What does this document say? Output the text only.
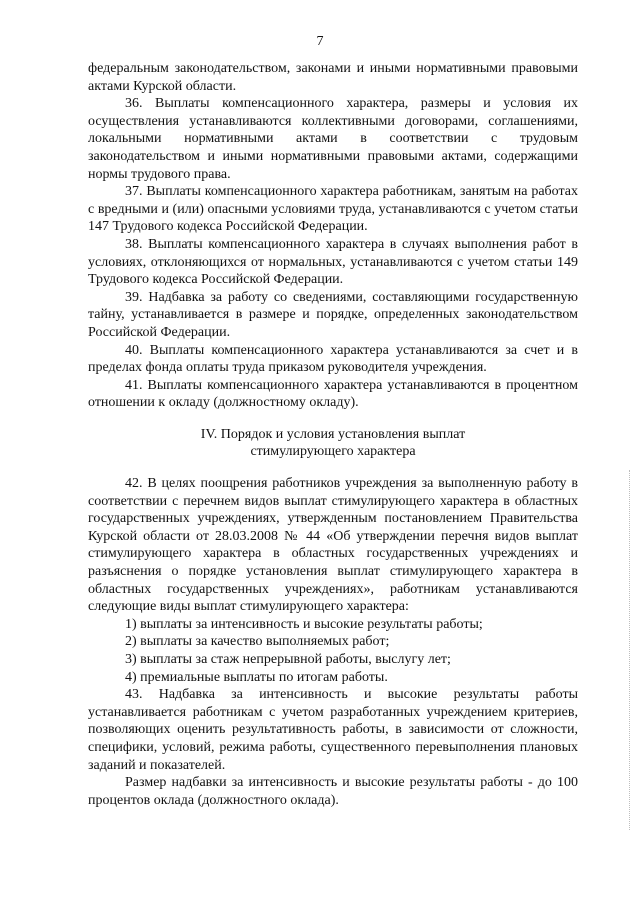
7

федеральным законодательством, законами и иными нормативными правовыми актами Курской области.

36. Выплаты компенсационного характера, размеры и условия их осуществления устанавливаются коллективными договорами, соглашениями, локальными нормативными актами в соответствии с трудовым законодательством и иными нормативными правовыми актами, содержащими нормы трудового права.

37. Выплаты компенсационного характера работникам, занятым на работах с вредными и (или) опасными условиями труда, устанавливаются с учетом статьи 147 Трудового кодекса Российской Федерации.

38. Выплаты компенсационного характера в случаях выполнения работ в условиях, отклоняющихся от нормальных, устанавливаются с учетом статьи 149 Трудового кодекса Российской Федерации.

39. Надбавка за работу со сведениями, составляющими государственную тайну, устанавливается в размере и порядке, определенных законодательством Российской Федерации.

40. Выплаты компенсационного характера устанавливаются за счет и в пределах фонда оплаты труда приказом руководителя учреждения.

41. Выплаты компенсационного характера устанавливаются в процентном отношении к окладу (должностному окладу).

IV. Порядок и условия установления выплат
стимулирующего характера

42. В целях поощрения работников учреждения за выполненную работу в соответствии с перечнем видов выплат стимулирующего характера в областных государственных учреждениях, утвержденным постановлением Правительства Курской области от 28.03.2008 № 44 «Об утверждении перечня видов выплат стимулирующего характера в областных государственных учреждениях и разъяснения о порядке установления выплат стимулирующего характера в областных государственных учреждениях», работникам устанавливаются следующие виды выплат стимулирующего характера:

1) выплаты за интенсивность и высокие результаты работы;

2) выплаты за качество выполняемых работ;

3) выплаты за стаж непрерывной работы, выслугу лет;

4) премиальные выплаты по итогам работы.

43. Надбавка за интенсивность и высокие результаты работы устанавливается работникам с учетом разработанных учреждением критериев, позволяющих оценить результативность работы, в зависимости от сложности, специфики, условий, режима работы, существенного перевыполнения плановых заданий и показателей.

Размер надбавки за интенсивность и высокие результаты работы - до 100 процентов оклада (должностного оклада).
